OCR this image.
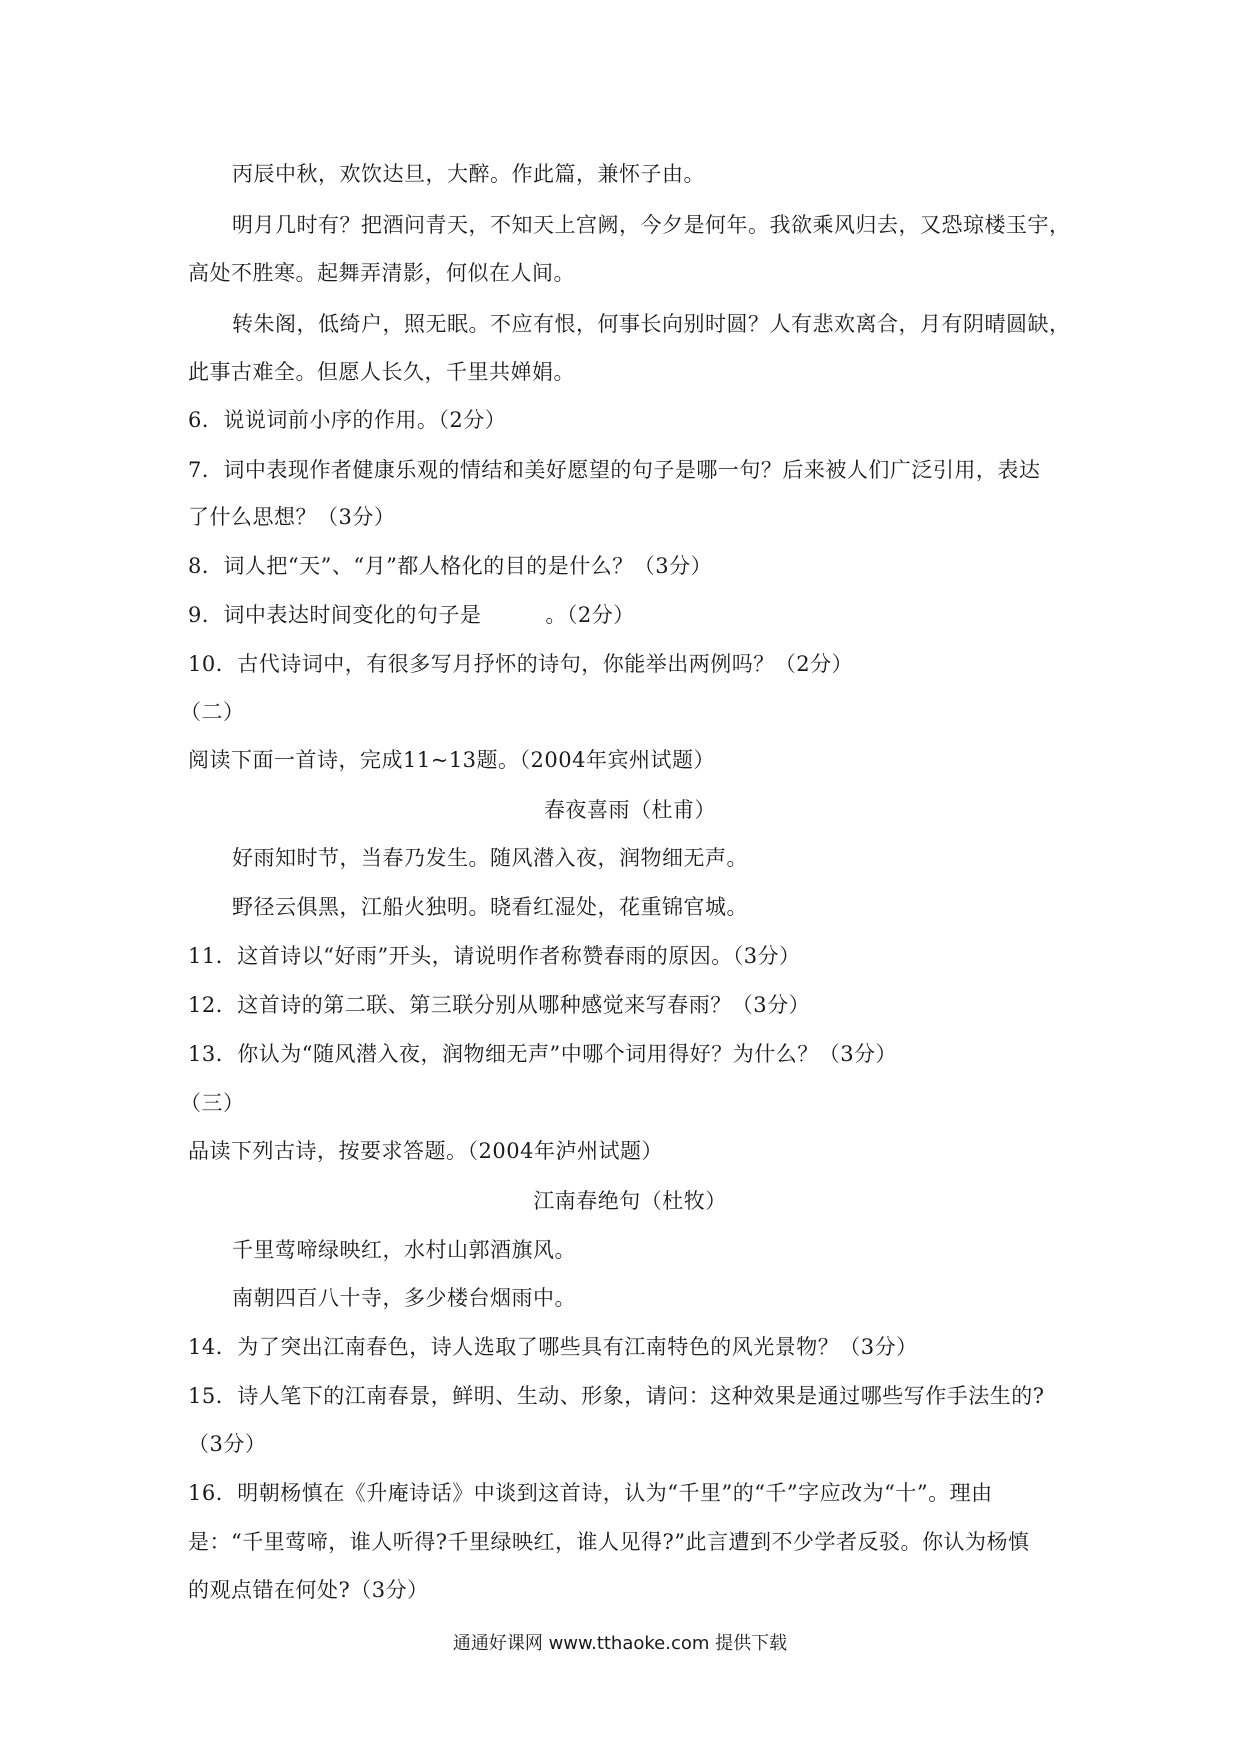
丙辰中秋，欢饮达旦，大醉。作此篇，兼怀子由。
明月几时有？把酒问青天，不知天上宫阙，今夕是何年。我欲乘风归去，又恐琼楼玉宇，
高处不胜寒。起舞弄清影，何似在人间。
转朱阁，低绮户，照无眠。不应有恨，何事长向别时圆？人有悲欢离合，月有阴晴圆缺，
此事古难全。但愿人长久，千里共婵娟。
6．说说词前小序的作用。（2分）
7．词中表现作者健康乐观的情结和美好愿望的句子是哪一句？后来被人们广泛引用，表达
了什么思想？（3分）
8．词人把“天”、“月”都人格化的目的是什么？（3分）
9．词中表达时间变化的句子是	。（2分）
10．古代诗词中，有很多写月抒怀的诗句，你能举出两例吗？（2分）
（二）
阅读下面一首诗，完成11~13题。（2004年宾州试题）
春夜喜雨（杜甫）
好雨知时节，当春乃发生。随风潜入夜，润物细无声。
野径云俱黑，江船火独明。晓看红湿处，花重锦官城。
11．这首诗以“好雨”开头，请说明作者称赞春雨的原因。（3分）
12．这首诗的第二联、第三联分别从哪种感觉来写春雨？（3分）
13．你认为“随风潜入夜，润物细无声”中哪个词用得好？为什么？（3分）
（三）
品读下列古诗，按要求答题。（2004年泸州试题）
江南春绝句（杜牧）
千里莺啼绿映红，水村山郭酒旗风。
南朝四百八十寺，多少楼台烟雨中。
14．为了突出江南春色，诗人选取了哪些具有江南特色的风光景物？（3分）
15．诗人笔下的江南春景，鲜明、生动、形象，请问：这种效果是通过哪些写作手法生的?
（3分）
16．明朝杨慎在《升庵诗话》中谈到这首诗，认为“千里”的“千”字应改为“十”。理由
是：“千里莺啼，谁人听得?千里绿映红，谁人见得?”此言遭到不少学者反驳。你认为杨慎
的观点错在何处?（3分）
通通好课网 www.tthaoke.com 提供下载
